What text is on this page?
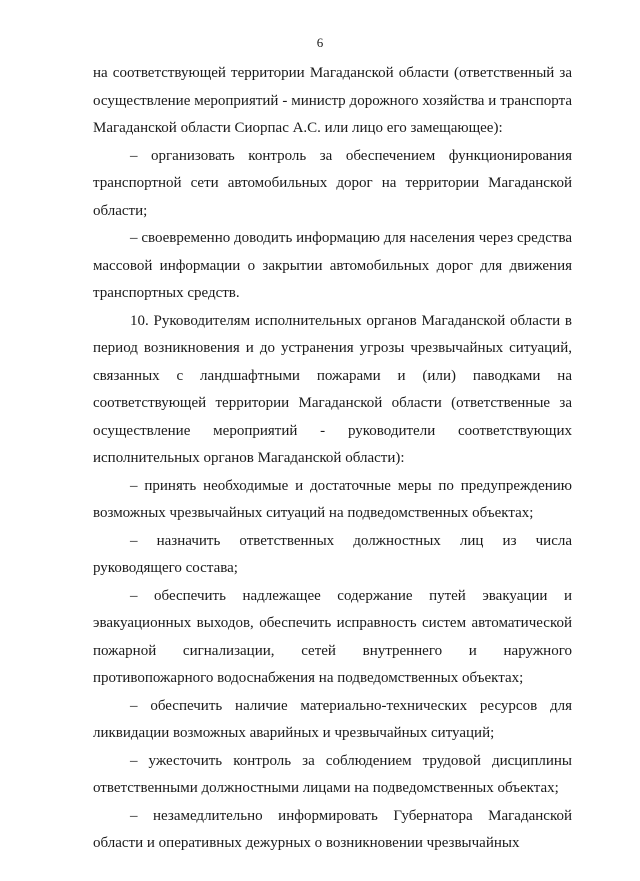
6

на соответствующей территории Магаданской области (ответственный за осуществление мероприятий - министр дорожного хозяйства и транспорта Магаданской области Сиорпас А.С. или лицо его замещающее):

– организовать контроль за обеспечением функционирования транспортной сети автомобильных дорог на территории Магаданской области;

– своевременно доводить информацию для населения через средства массовой информации о закрытии автомобильных дорог для движения транспортных средств.

10. Руководителям исполнительных органов Магаданской области в период возникновения и до устранения угрозы чрезвычайных ситуаций, связанных с ландшафтными пожарами и (или) паводками на соответствующей территории Магаданской области (ответственные за осуществление мероприятий - руководители соответствующих исполнительных органов Магаданской области):

– принять необходимые и достаточные меры по предупреждению возможных чрезвычайных ситуаций на подведомственных объектах;

– назначить ответственных должностных лиц из числа руководящего состава;

– обеспечить надлежащее содержание путей эвакуации и эвакуационных выходов, обеспечить исправность систем автоматической пожарной сигнализации, сетей внутреннего и наружного противопожарного водоснабжения на подведомственных объектах;

– обеспечить наличие материально-технических ресурсов для ликвидации возможных аварийных и чрезвычайных ситуаций;

– ужесточить контроль за соблюдением трудовой дисциплины ответственными должностными лицами на подведомственных объектах;

– незамедлительно информировать Губернатора Магаданской области и оперативных дежурных о возникновении чрезвычайных
